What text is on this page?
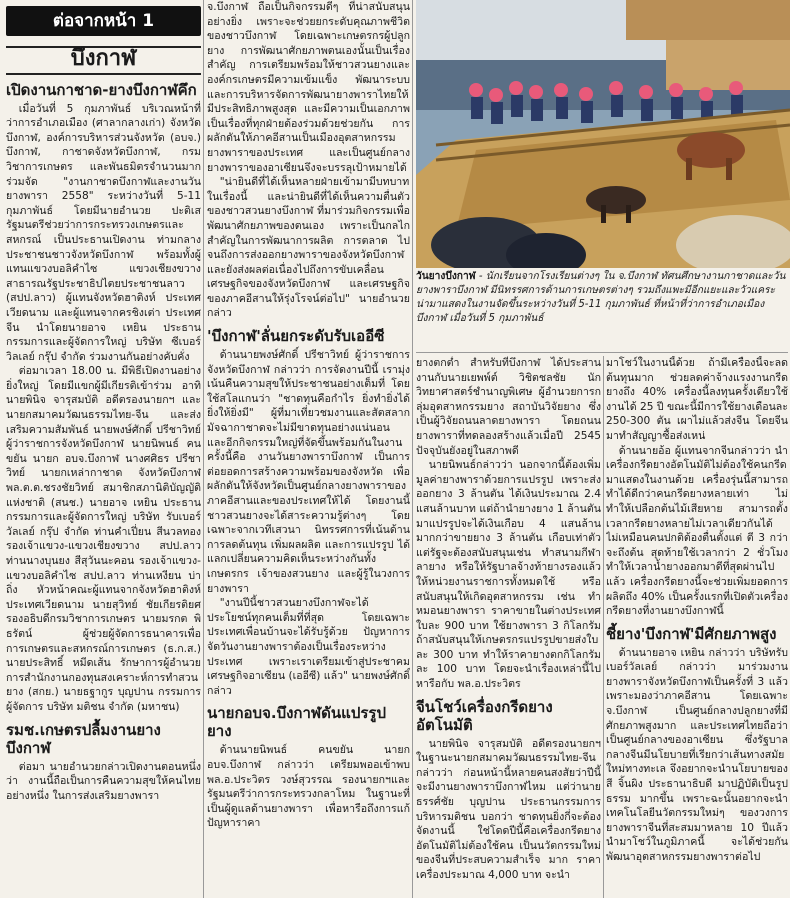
ต่อจากหน้า 1
บึงกาฬ
เปิดงานกาชาด-ยางบึงกาฬคึก

เมื่อวันที่ 5 กุมภาพันธ์ บริเวณหน้าที่ว่าการอำเภอเมือง (ศาลากลางเก่า) จังหวัดบึงกาฬ, องค์การบริหารส่วนจังหวัด (อบจ.) บึงกาฬ, กาชาดจังหวัดบึงกาฬ, กรมวิชาการเกษตร และพันธมิตรจำนวนมาก ร่วมจัด "งานกาชาดบึงกาฬและงานวันยางพารา 2558" ระหว่างวันที่ 5-11 กุมภาพันธ์ โดยมีนายอำนวย ปะติเส รัฐมนตรีช่วยว่าการกระทรวงเกษตรและสหกรณ์ เป็นประธานเปิดงาน ท่ามกลางประชาชนชาวจังหวัดบึงกาฬ พร้อมทั้งผู้แทนแขวงบอลิคำไซ แขวงเชียงขวาง สาธารณรัฐประชาธิปไตยประชาชนลาว (สปป.ลาว) ผู้แทนจังหวัดฮาติงห์ ประเทศเวียดนาม และผู้แทนจากครชิงเต่า ประเทศจีน นำโดยนายอาจ เหยิน ประธานกรรมการและผู้จัดการใหญ่ บริษัท ซีเบอร์ วิลเลย์ กรุ๊ป จำกัด ร่วมงานกันอย่างคับคั่ง

ต่อมาเวลา 18.00 น. มีพิธีเปิดงานอย่างยิ่งใหญ่ โดยมีแขกผู้มีเกียรติเข้าร่วม อาทิ นายพินิจ จารุสมบัติ อดีตรองนายกฯ และนายกสมาคมวัฒนธรรมไทย-จีน และส่งเสริมความสัมพันธ์ นายพงษ์ศักดิ์ ปรีชาวิทย์ ผู้ว่าราชการจังหวัดบึงกาฬ นายนิพนธ์ คนขยัน นายก อบจ.บึงกาฬ นางศศิธร ปรีชาวิทย์ นายกเหล่ากาชาด จังหวัดบึงกาฬ พล.ต.ต.ชรงชัยวิทย์ สมาชิกสภานิติบัญญัติแห่งชาติ (สนช.) นายอาจ เหยิน ประธานกรรมการและผู้จัดการใหญ่ บริษัท รับเบอร์วัลเลย์ กรุ๊ป จำกัด ท่านคำเปี่ยน สีนวลทอง รองเจ้าแขวง-แขวงเชียงขวาง สปป.ลาว ท่านนางบุนยง สีสุวันนะคอน รองเจ้าแขวง-แขวงบอลิคำไซ สปป.ลาว ท่านเหงียน บ่าถิ่ง หัวหน้าคณะผู้แทนจากจังหวัดฮาติงห์ ประเทศเวียดนาม นายสุวิทย์ ชัยเกียรติยศ รองอธิบดีกรมวิชาการเกษตร นายมรกต พิธรัตน์ ผู้ช่วยผู้จัดการธนาคารเพื่อการเกษตรและสหกรณ์การเกษตร (ธ.ก.ส.) นายประสิทธิ์ หมีดเส้น รักษาการผู้อำนวยการสำนักงานกองทุนสงเคราะห์การทำสวนยาง (สกย.) นายธฐากูร บุญปาน กรรมการผู้จัดการ บริษัท มติชน จำกัด (มหาชน)

รมช.เกษตรปลื้มงานยางบึงกาฬ

ต่อมา นายอำนวยกล่าวเปิดงานตอนหนึ่งว่า งานนี้ถือเป็นการคืนความสุขให้คนไทยอย่างหนึ่ง ในการส่งเสริมยางพารา

จ.บึงกาฬ ถือเป็นกิจกรรมดีๆ ที่น่าสนับสนุนอย่างยิ่ง เพราะจะช่วยยกระดับคุณภาพชีวิตของชาวบึงกาฬ โดยเฉพาะเกษตรกรผู้ปลูกยาง การพัฒนาศักยภาพตนเองนั้นเป็นเรื่องสำคัญ การเตรียมพร้อมให้ชาวสวนยางและองค์กรเกษตรมีความเข้มแข็ง พัฒนาระบบและการบริหารจัดการพัฒนายางพาราไทยให้มีประสิทธิภาพสูงสุด และมีความเป็นเอกภาพ เป็นเรื่องที่ทุกฝ่ายต้องร่วมด้วยช่วยกัน การผลักดันให้ภาคอีสานเป็นเมืองอุตสาหกรรมยางพาราของประเทศ และเป็นศูนย์กลางยางพาราของอาเซียนจึงจะบรรลุเป้าหมายได้

"น่ายินดีที่ได้เห็นหลายฝ่ายเข้ามามีบทบาทในเรื่องนี้ และน่ายินดีที่ได้เห็นความตื่นตัวของชาวสวนยางบึงกาฬ ที่มาร่วมกิจกรรมเพื่อพัฒนาศักยภาพของตนเอง เพราะเป็นกลไกสำคัญในการพัฒนาการผลิต การตลาด ไปจนถึงการส่งออกยางพาราของจังหวัดบึงกาฬ และยังส่งผลต่อเนื่องไปถึงการขับเคลื่อนเศรษฐกิจของจังหวัดบึงกาฬ และเศรษฐกิจของภาคอีสานให้รุ่งโรจน์ต่อไป" นายอำนวยกล่าว

'บึงกาฬ'ลั่นยกระดับรับเออีซี

ด้านนายพงษ์ศักดิ์ ปรีชาวิทย์ ผู้ว่าราชการจังหวัดบึงกาฬ กล่าวว่า การจัดงานปีนี้ เรามุ่งเน้นคืนความสุขให้ประชาชนอย่างเต็มที่ โดยใช้สโลแกนว่า "ชาดทุนคือกำไร ยิ่งทำยิ่งได้ยิ่งให้ยิ่งมี" ผู้ที่มาเที่ยวชมงานและสัตสลากมัจฉากาชาดจะไม่มีขาดทุนอย่างแน่นอน และอีกกิจกรรมใหญ่ที่จัดขึ้นพร้อมกันในงานครั้งนี้คือ งานวันยางพาราบึงกาฬ เป็นการต่อยอดการสร้างความพร้อมของจังหวัด เพื่อผลักดันให้จังหวัดเป็นศูนย์กลางยางพาราของภาคอีสานและของประเทศให้ได้ โดยงานนี้ชาวสวนยางจะได้สาระความรู้ต่างๆ โดยเฉพาะจากเวทีเสวนา นิทรรศการที่เน้นด้านการลดต้นทุน เพิ่มผลผลิต และการแปรรูป ได้แลกเปลี่ยนความคิดเห็นระหว่างกันทั้งเกษตรกร เจ้าของสวนยาง และผู้รู้ในวงการยางพารา

"งานปีนี้ชาวสวนยางบึงกาฬจะได้ประโยชน์ทุกคนเต็มที่ที่สุด โดยเฉพาะประเทศเพื่อนบ้านจะได้รับรู้ด้วย ปัญหาการจัดวันงานยางพาราต้องเป็นเรื่องระหว่างประเทศ เพราะเราเตรียมเข้าสู่ประชาคมเศรษฐกิจอาเซียน (เออีซี) แล้ว" นายพงษ์ศักดิ์กล่าว

นายกอบจ.บึงกาฬดันแปรรูปยาง

ด้านนายนิพนธ์ คนขยัน นายก อบจ.บึงกาฬ กล่าวว่า เตรียมพออเข้าพบ พล.อ.ประวิตร วงษ์สุวรรณ รองนายกฯและรัฐมนตรีว่าการกระทรวงกลาโหม ในฐานะที่เป็นผู้ดูแลด้านยางพารา เพื่อหารือถึงการแก้ปัญหาราคา

วันยางบึงกาฬ - นักเรียนจากโรงเรียนต่างๆ ใน จ.บึงกาฬ ทัศนศึกษางานกาชาดและวันยางพาราบึงกาฬ มีนิทรรศการด้านการเกษตรต่างๆ รวมถึงแพะมีอีกแยะและวัวแคระ น่ามาแสดงในงานจัดขึ้นระหว่างวันที่ 5-11 กุมภาพันธ์ ที่หน้าที่ว่าการอำเภอเมืองบึงกาฬ เมื่อวันที่ 5 กุมภาพันธ์

ยางตกต่ำ สำหรับที่บึงกาฬ ได้ประสานงานกับนายเยพพ์ต์ วิชิตชลชัย นักวิทยาศาสตร์ชำนาญพิเศษ ผู้อำนวยการกลุ่มอุตสาหกรรมยาง สถาบันวิจัยยาง ซึ่งเป็นผู้วิจัยถนนลาดยางพารา โดยถนนยางพาราที่ทดลองสร้างแล้วเมื่อปี 2545 ปัจจุบันยังอยู่ในสภาพดี

นายนิพนธ์กล่าวว่า นอกจากนี้ต้องเพิ่มมูลค่ายางพาราด้วยการแปรรูป เพราะส่งออกยาง 3 ล้านตัน ได้เงินประมาณ 2.4 แสนล้านบาท แต่ถ้านำยางยาง 1 ล้านตัน มาแปรรูปจะได้เงินเกือบ 4 แสนล้าน มากกว่าขายยาง 3 ล้านตัน เกือบเท่าตัว แต่รัฐจะต้องสนับสนุนเช่น ทำสนามกีฬาลายาง หรือให้รัฐบาลจ้างท้ายางรองแล้วให้หน่วยงานราชการทั้งหมดใช้ หรือสนับสนุนให้เกิดอุตสาหกรรม เช่น ทำหมอนยางพารา ราคาขายในต่างประเทศใบละ 900 บาท ใช้ยางพารา 3 กิโลกรัม ถ้าสนับสนุนให้เกษตรกรแปรรูปขายส่งใบละ 300 บาท ทำให้ราคายางตกกิโลกรัมละ 100 บาท โดยจะนำเรื่องเหล่านี้ไปหารือกับ พล.อ.ประวิตร

จีนโชว์เครื่องกรีดยางอัตโนมัติ

นายพินิจ จารุสมบัติ อดีตรองนายกฯ ในฐานะนายกสมาคมวัฒนธรรมไทย-จีน กล่าวว่า ก่อนหน้านี้หลายคนสงสัยว่าปีนี้จะมีงานยางพาราบึงกาฬไหม แต่ว่านายธรรศ์ชัย บุญปาน ประธานกรรมการบริหารมติชน บอกว่า ชาดทุนยิ่งกี่จะต้องจัดงานนี้ ใช่โดดปีนี้คือเครื่องกรีดยางอัตโนมัติไม่ต้องใช้คน เป็นนวัตกรรมใหม่ของจีนที่ประสบความสำเร็จ มาก ราคาเครื่องประมาณ 4,000 บาท จะนำ

มาโชว์ในงานนี้ด้วย ถ้ามีเครื่องนี้จะลดต้นทุนมาก ช่วยลดค่าจ้างแรงงานกรีดยางถึง 40% เครื่องนี้ลงทุนครั้งเดียวใช้งานได้ 25 ปี ขณะนี้มีการใช้ยางเดือนละ 250-300 ตัน เผาไม่แล้วส่งจีน โดยจีนมาทำสัญญาซื้อส่งเหน่

ด้านนายอ้อ ผู้แทนจากจีนกล่าวว่า นำเครื่องกรีดยางอัตโนมัติไม่ต้องใช้คนกรีดมาแสดงในงานด้วย เครื่องรุ่นนี้สามารถทำได้ดีกว่าคนกรีดยางหลายเท่า ไม่ทำให้เปลือกต้นไม้เสียหาย สามารถตั้งเวลากรีดยางหลายไม่เวลาเดียวกันได้ ไม่เหมือนคนปกติต้องตื่นตั้งแต่ ตี 3 กว่าจะถึงต้น สุดท้ายใช้เวลากว่า 2 ชั่วโมงทำให้เวลาน้ำยางออกมาดีที่สุดผ่านไปแล้ว เครื่องกรีดยางนี้จะช่วยเพิ่มยอดการผลิตถึง 40% เป็นครั้งแรกที่เปิดตัวเครื่องกรีดยางที่งานยางบึงกาฬนี้

ชี้ยาง'บึงกาฬ'มีศักยภาพสูง

ด้านนายอาจ เหยิน กล่าวว่า บริษัทรับเบอร์วัลเลย์ กล่าวว่า มาร่วมงานยางพาราจังหวัดบึงกาฬเป็นครั้งที่ 3 แล้ว เพราะมองว่าภาคอีสาน โดยเฉพาะ จ.บึงกาฬ เป็นศูนย์กลางปลูกยางที่มีศักยภาพสูงมาก และประเทศไทยถือว่าเป็นศูนย์กลางของอาเซียน ซึ่งรัฐบาลกลางจีนมีนโยบายที่เรียกว่าเส้นทางสมัยใหม่ทางทะเล จึงอยากจะนำนโยบายของสี จิ้นผิง ประธานาธิบดี มาปฏิบัติเป็นรูปธรรม มากขึ้น เพราะฉะนั้นอยากจะนำเทคโนโลยีนวัตกรรมใหม่ๆ ของวงการยางพาราจีนที่สะสมมาหลาย 10 ปีแล้ว นำมาโชว์ในภูมิภาคนี้ จะได้ช่วยกันพัฒนาอุตสาหกรรมยางพาราต่อไป
